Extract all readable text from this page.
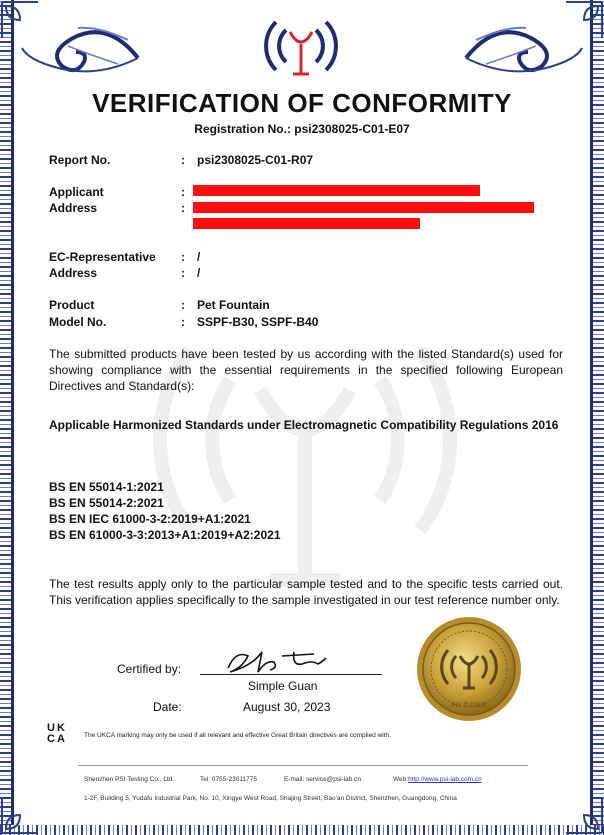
VERIFICATION OF CONFORMITY
Registration No.: psi2308025-C01-E07
Report No.	: psi2308025-C01-R07
Applicant	:
Address	:
EC-Representative : /
Address	: /
Product	: Pet Fountain
Model No.	: SSPF-B30, SSPF-B40
The submitted products have been tested by us according with the listed Standard(s) used for showing compliance with the essential requirements in the specified following European Directives and Standard(s):
Applicable Harmonized Standards under Electromagnetic Compatibility Regulations 2016
BS EN 55014-1:2021
BS EN 55014-2:2021
BS EN IEC 61000-3-2:2019+A1:2021
BS EN 61000-3-3:2013+A1:2019+A2:2021
The test results apply only to the particular sample tested and to the specific tests carried out. This verification applies specifically to the sample investigated in our test reference number only.
Certified by:
Simple Guan
Date:	August 30, 2023	PSI 普思检测
UK
CA	The UKCA marking may only be used if all relevant and effective Great Britain directives are complied with.
Shenzhen PSI Testing Co., Ltd.	Tel: 0755-23011775	E-mail: service@psi-lab.cn	Web:http://www.psi-lab.com.cn
1-2F, Building 5, Yudafu Industrial Park, No. 10, Xingye West Road, Shajing Street, Bao'an District, Shenzhen, Guangdong, China
